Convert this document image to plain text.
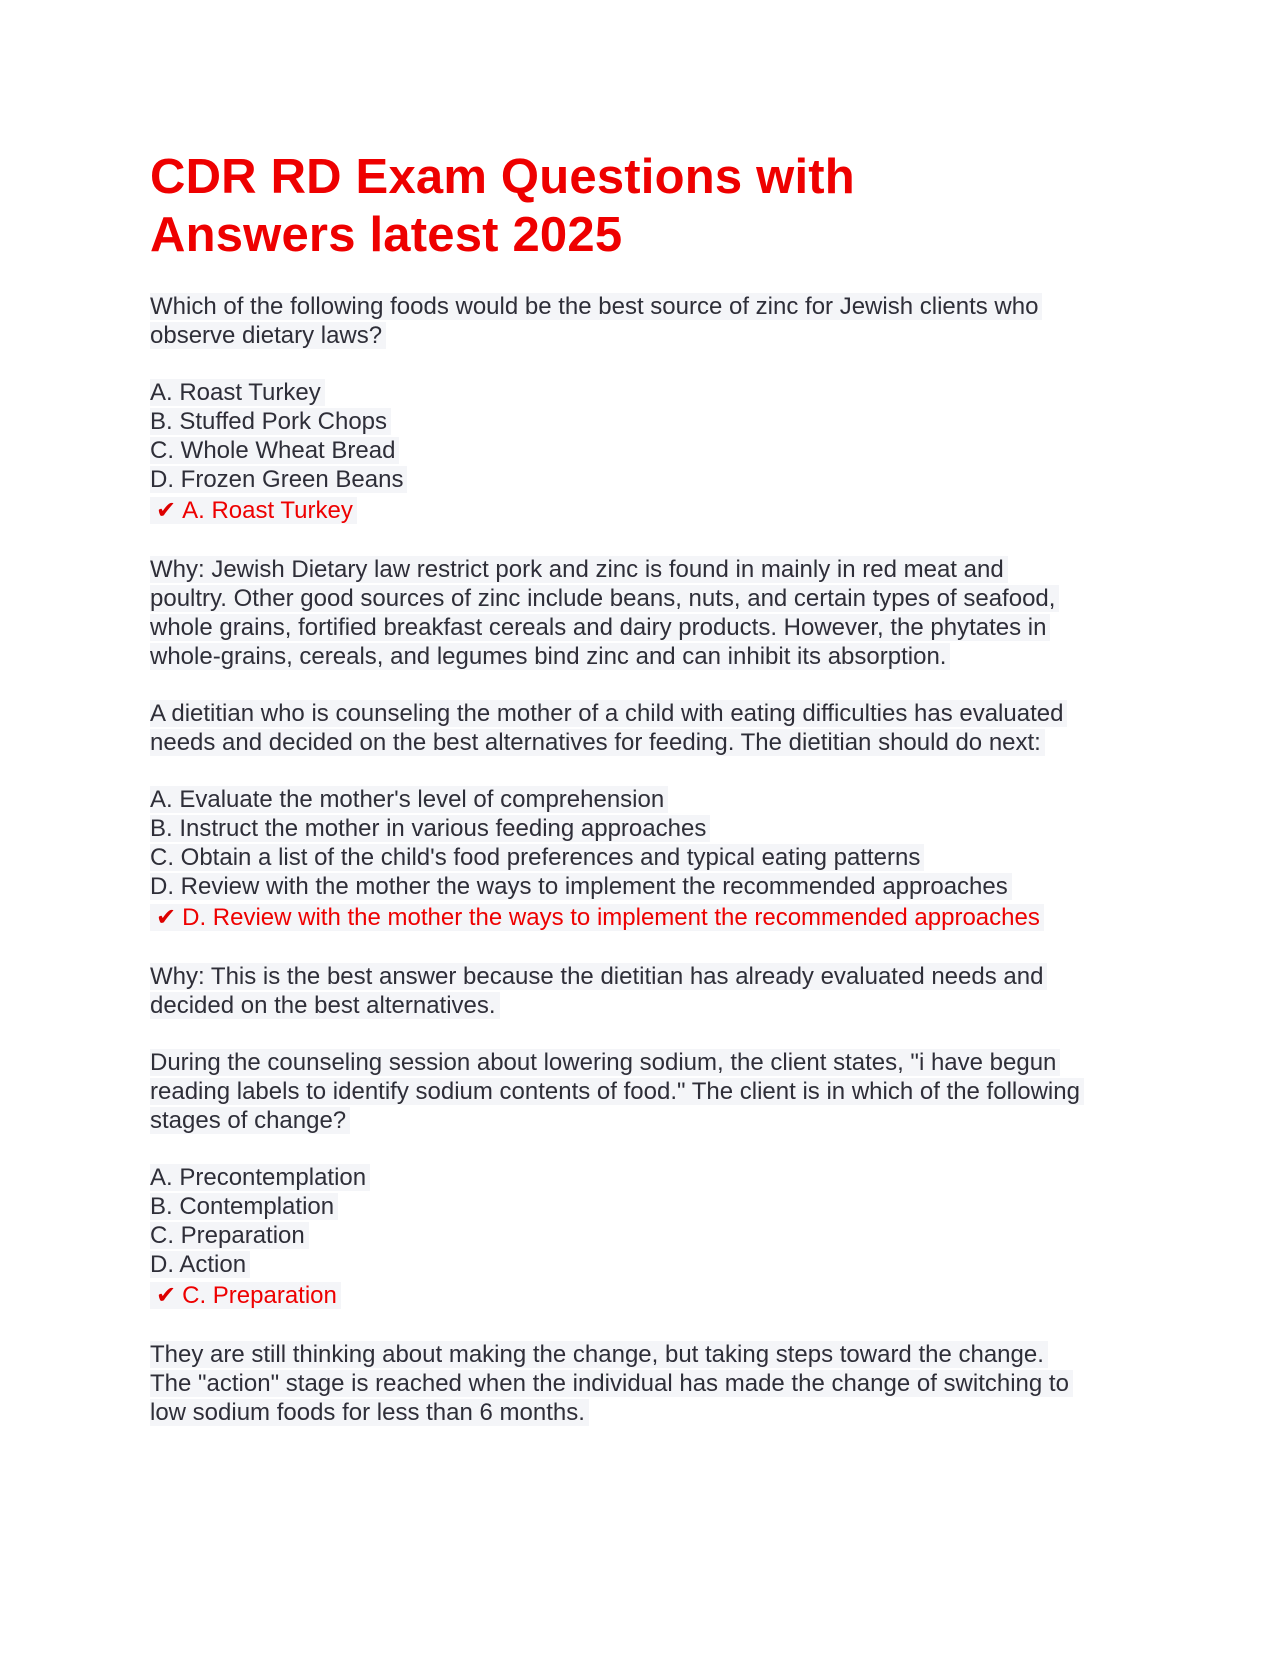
CDR RD Exam Questions with
Answers latest 2025

Which of the following foods would be the best source of zinc for Jewish clients who
observe dietary laws?

A. Roast Turkey
B. Stuffed Pork Chops
C. Whole Wheat Bread
D. Frozen Green Beans

✔ A. Roast Turkey

Why: Jewish Dietary law restrict pork and zinc is found in mainly in red meat and
poultry. Other good sources of zinc include beans, nuts, and certain types of seafood,
whole grains, fortified breakfast cereals and dairy products. However, the phytates in
whole-grains, cereals, and legumes bind zinc and can inhibit its absorption.

A dietitian who is counseling the mother of a child with eating difficulties has evaluated
needs and decided on the best alternatives for feeding. The dietitian should do next:

A. Evaluate the mother's level of comprehension
B. Instruct the mother in various feeding approaches
C. Obtain a list of the child's food preferences and typical eating patterns
D. Review with the mother the ways to implement the recommended approaches

✔ D. Review with the mother the ways to implement the recommended approaches

Why: This is the best answer because the dietitian has already evaluated needs and
decided on the best alternatives.

During the counseling session about lowering sodium, the client states, "i have begun
reading labels to identify sodium contents of food." The client is in which of the following
stages of change?

A. Precontemplation
B. Contemplation
C. Preparation
D. Action

✔ C. Preparation

They are still thinking about making the change, but taking steps toward the change.
The "action" stage is reached when the individual has made the change of switching to
low sodium foods for less than 6 months.
